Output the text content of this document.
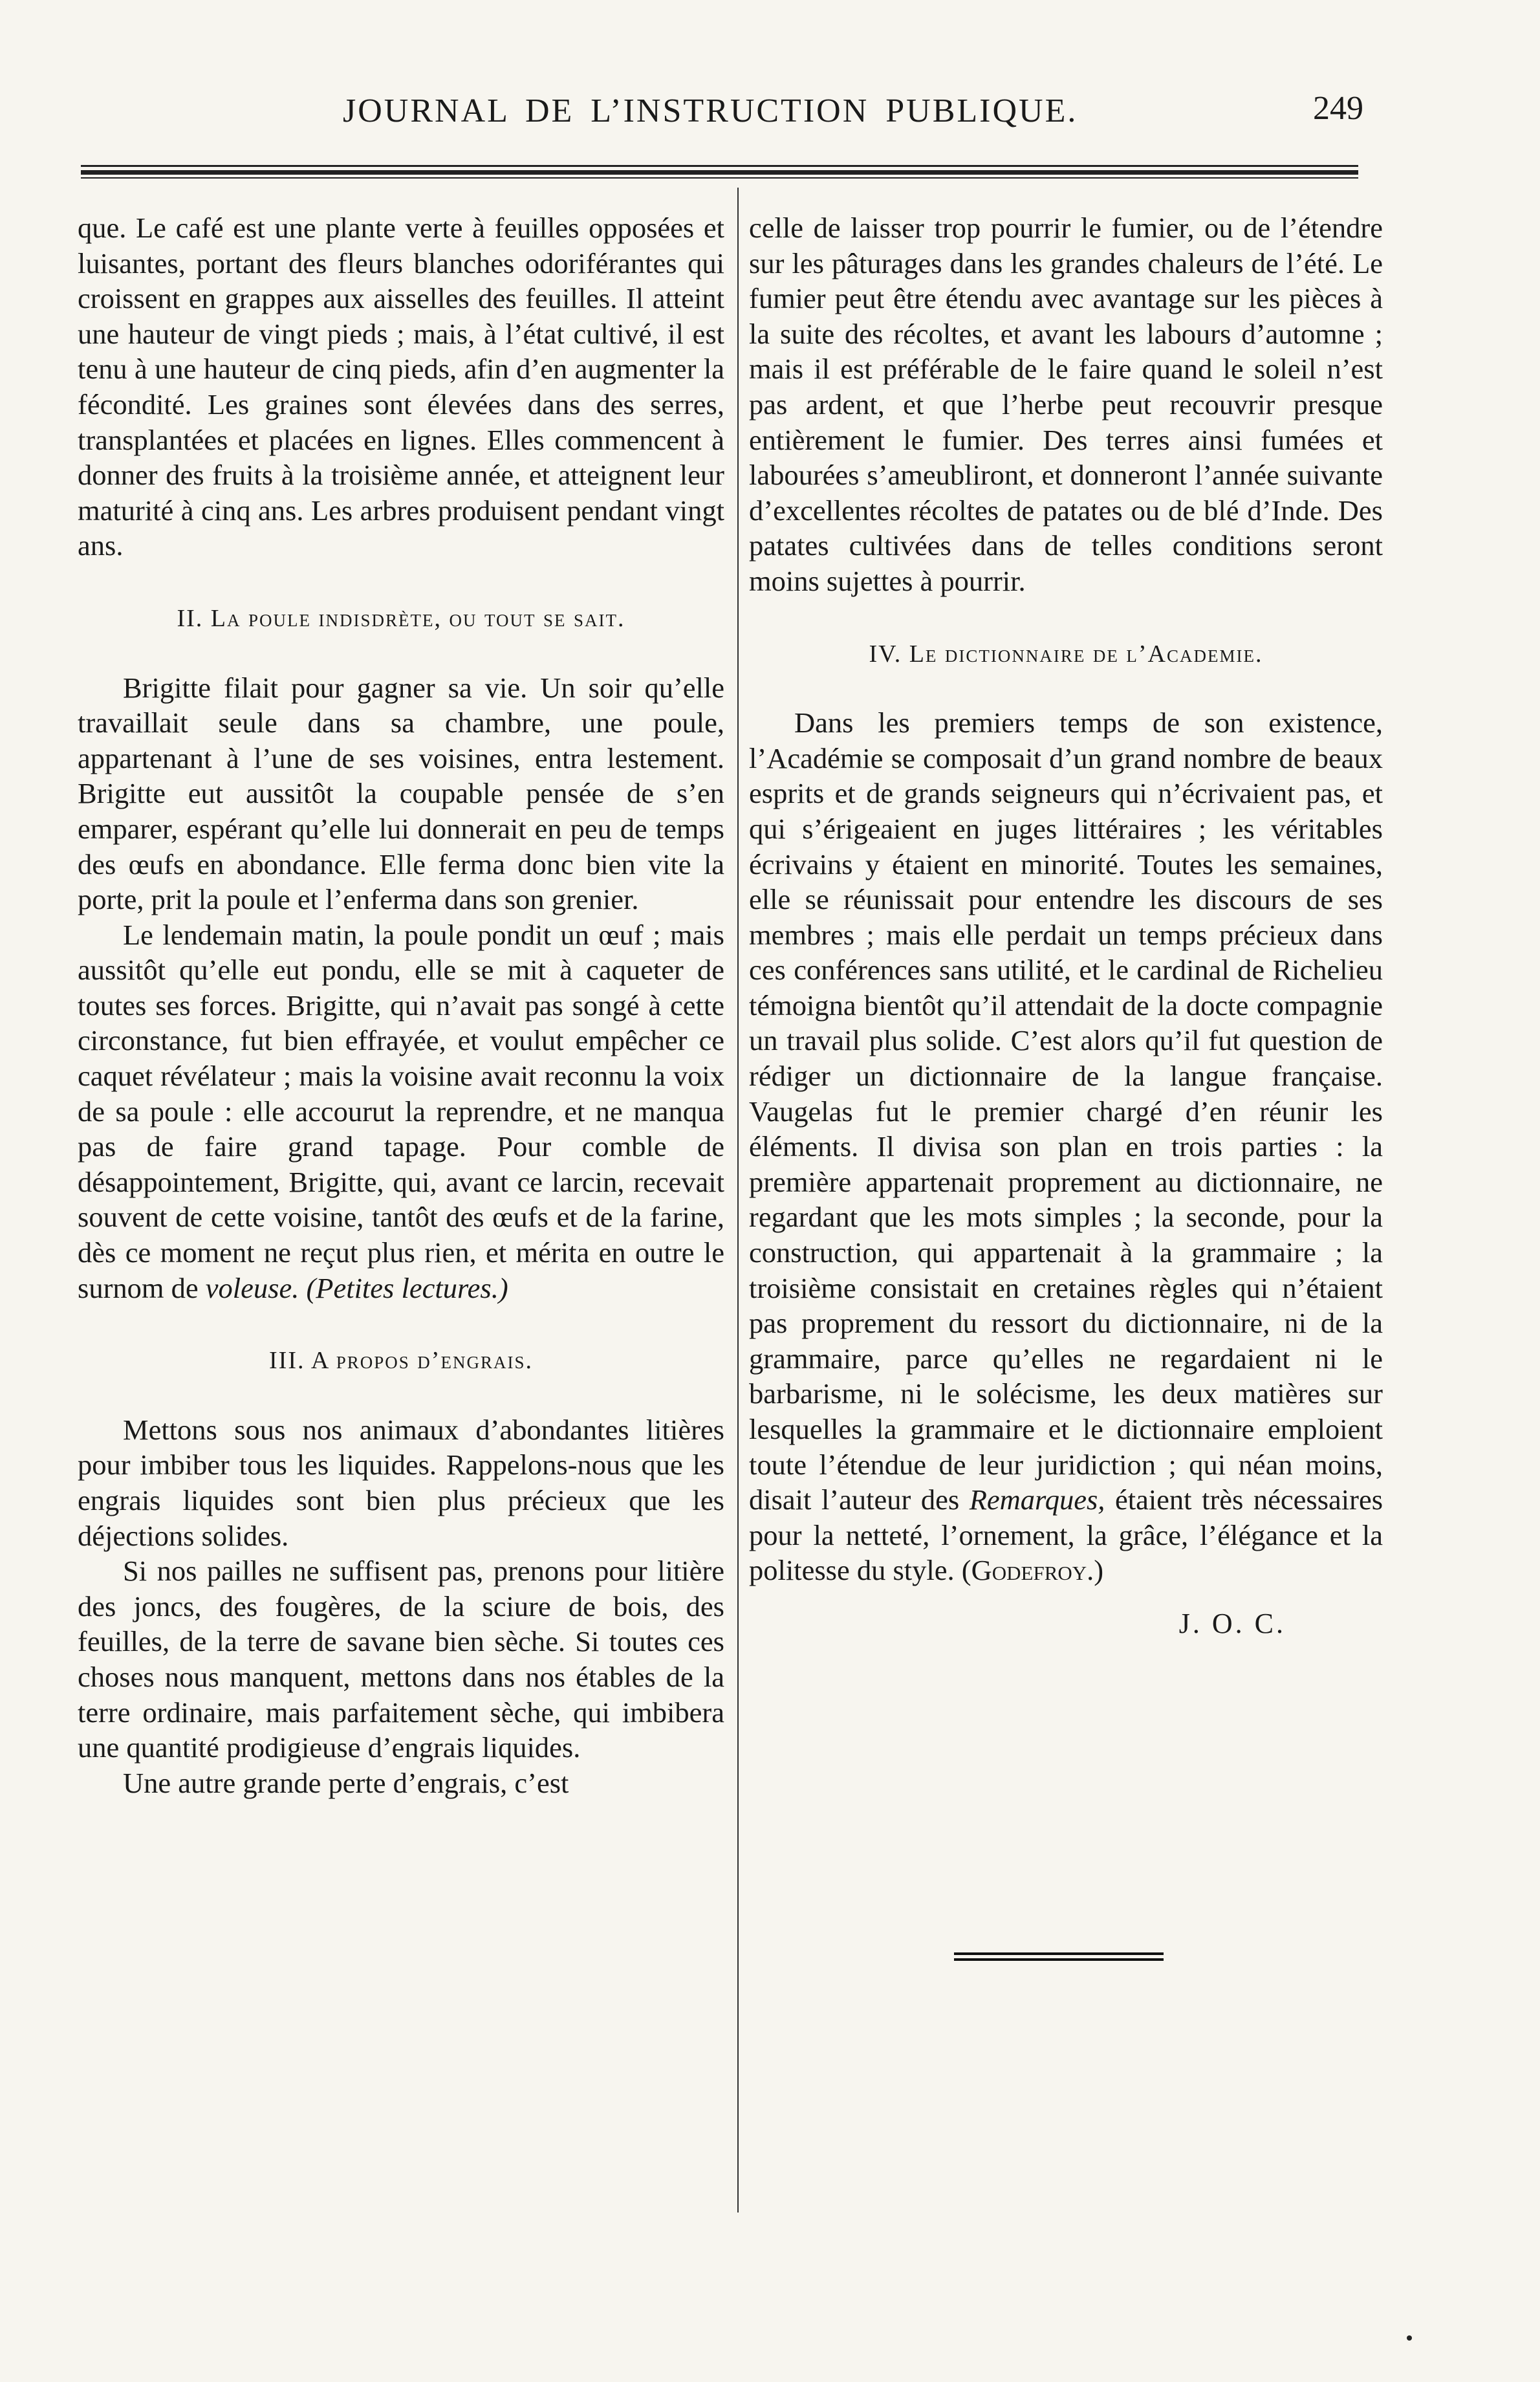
JOURNAL DE L’INSTRUCTION PUBLIQUE.	249

que. Le café est une plante verte à feuilles opposées et luisantes, portant des fleurs blanches odoriférantes qui croissent en grappes aux aisselles des feuilles. Il atteint une hauteur de vingt pieds ; mais, à l’état cultivé, il est tenu à une hauteur de cinq pieds, afin d’en augmenter la fécondité. Les graines sont élevées dans des serres, transplantées et placées en lignes. Elles commencent à donner des fruits à la troisième année, et atteignent leur maturité à cinq ans. Les arbres produisent pendant vingt ans.

II. La poule indisdrète, ou tout se sait.

Brigitte filait pour gagner sa vie. Un soir qu’elle travaillait seule dans sa chambre, une poule, appartenant à l’une de ses voisines, entra lestement. Brigitte eut aussitôt la coupable pensée de s’en emparer, espérant qu’elle lui donnerait en peu de temps des œufs en abondance. Elle ferma donc bien vite la porte, prit la poule et l’enferma dans son grenier.

Le lendemain matin, la poule pondit un œuf ; mais aussitôt qu’elle eut pondu, elle se mit à caqueter de toutes ses forces. Brigitte, qui n’avait pas songé à cette circonstance, fut bien effrayée, et voulut empêcher ce caquet révélateur ; mais la voisine avait reconnu la voix de sa poule : elle accourut la reprendre, et ne manqua pas de faire grand tapage. Pour comble de désappointement, Brigitte, qui, avant ce larcin, recevait souvent de cette voisine, tantôt des œufs et de la farine, dès ce moment ne reçut plus rien, et mérita en outre le surnom de voleuse. (Petites lectures.)

III. A propos d’engrais.

Mettons sous nos animaux d’abondantes litières pour imbiber tous les liquides. Rappelons-nous que les engrais liquides sont bien plus précieux que les déjections solides.

Si nos pailles ne suffisent pas, prenons pour litière des joncs, des fougères, de la sciure de bois, des feuilles, de la terre de savane bien sèche. Si toutes ces choses nous manquent, mettons dans nos étables de la terre ordinaire, mais parfaitement sèche, qui imbibera une quantité prodigieuse d’engrais liquides.

Une autre grande perte d’engrais, c’est

celle de laisser trop pourrir le fumier, ou de l’étendre sur les pâturages dans les grandes chaleurs de l’été. Le fumier peut être étendu avec avantage sur les pièces à la suite des récoltes, et avant les labours d’automne ; mais il est préférable de le faire quand le soleil n’est pas ardent, et que l’herbe peut recouvrir presque entièrement le fumier. Des terres ainsi fumées et labourées s’ameubliront, et donneront l’année suivante d’excellentes récoltes de patates ou de blé d’Inde. Des patates cultivées dans de telles conditions seront moins sujettes à pourrir.

IV. Le dictionnaire de l’Academie.

Dans les premiers temps de son existence, l’Académie se composait d’un grand nombre de beaux esprits et de grands seigneurs qui n’écrivaient pas, et qui s’érigeaient en juges littéraires ; les véritables écrivains y étaient en minorité. Toutes les semaines, elle se réunissait pour entendre les discours de ses membres ; mais elle perdait un temps précieux dans ces conférences sans utilité, et le cardinal de Richelieu témoigna bientôt qu’il attendait de la docte compagnie un travail plus solide. C’est alors qu’il fut question de rédiger un dictionnaire de la langue française. Vaugelas fut le premier chargé d’en réunir les éléments. Il divisa son plan en trois parties : la première appartenait proprement au dictionnaire, ne regardant que les mots simples ; la seconde, pour la construction, qui appartenait à la grammaire ; la troisième consistait en cretaines règles qui n’étaient pas proprement du ressort du dictionnaire, ni de la grammaire, parce qu’elles ne regardaient ni le barbarisme, ni le solécisme, les deux matières sur lesquelles la grammaire et le dictionnaire emploient toute l’étendue de leur juridiction ; qui néan moins, disait l’auteur des Remarques, étaient très nécessaires pour la netteté, l’ornement, la grâce, l’élégance et la politesse du style. (Godefroy.)

J. O. C.
